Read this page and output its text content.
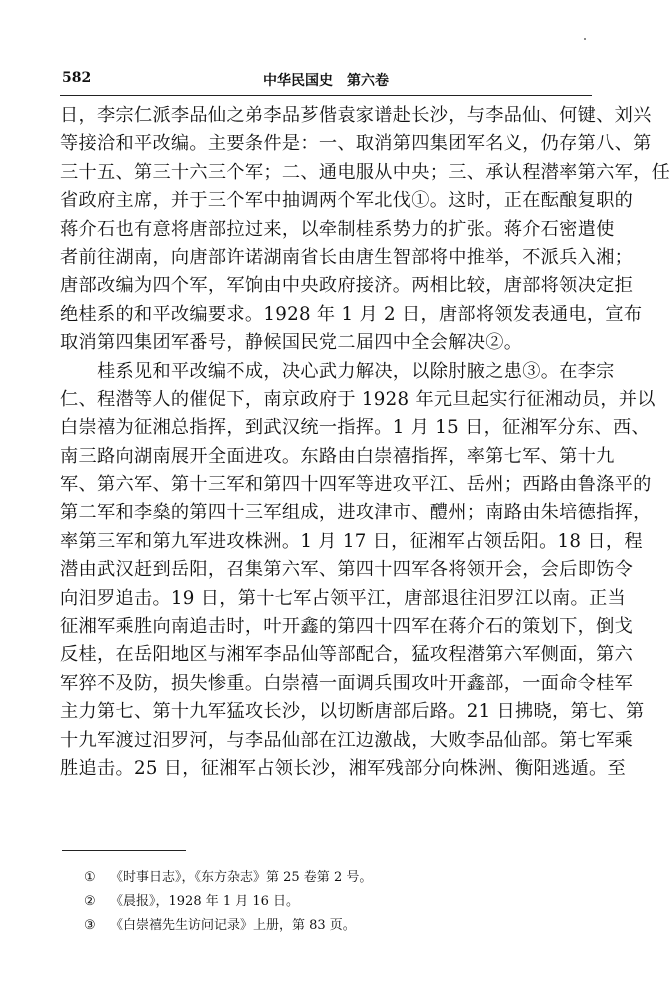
582	中华民国史　第六卷
日，李宗仁派李品仙之弟李品芗偕袁家谱赴长沙，与李品仙、何键、刘兴
等接洽和平改编。主要条件是：一、取消第四集团军名义，仍存第八、第
三十五、第三十六三个军；二、通电服从中央；三、承认程潜率第六军，任
省政府主席，并于三个军中抽调两个军北伐①。这时，正在酝酿复职的
蒋介石也有意将唐部拉过来，以牵制桂系势力的扩张。蒋介石密遣使
者前往湖南，向唐部许诺湖南省长由唐生智部将中推举，不派兵入湘；
唐部改编为四个军，军饷由中央政府接济。两相比较，唐部将领决定拒
绝桂系的和平改编要求。1928 年 1 月 2 日，唐部将领发表通电，宣布
取消第四集团军番号，静候国民党二届四中全会解决②。
桂系见和平改编不成，决心武力解决，以除肘腋之患③。在李宗
仁、程潜等人的催促下，南京政府于 1928 年元旦起实行征湘动员，并以
白崇禧为征湘总指挥，到武汉统一指挥。1 月 15 日，征湘军分东、西、
南三路向湖南展开全面进攻。东路由白崇禧指挥，率第七军、第十九
军、第六军、第十三军和第四十四军等进攻平江、岳州；西路由鲁涤平的
第二军和李燊的第四十三军组成，进攻津市、醴州；南路由朱培德指挥，
率第三军和第九军进攻株洲。1 月 17 日，征湘军占领岳阳。18 日，程
潜由武汉赶到岳阳，召集第六军、第四十四军各将领开会，会后即饬令
向汨罗追击。19 日，第十七军占领平江，唐部退往汨罗江以南。正当
征湘军乘胜向南追击时，叶开鑫的第四十四军在蒋介石的策划下，倒戈
反桂，在岳阳地区与湘军李品仙等部配合，猛攻程潜第六军侧面，第六
军猝不及防，损失惨重。白崇禧一面调兵围攻叶开鑫部，一面命令桂军
主力第七、第十九军猛攻长沙，以切断唐部后路。21 日拂晓，第七、第
十九军渡过汨罗河，与李品仙部在江边激战，大败李品仙部。第七军乘
胜追击。25 日，征湘军占领长沙，湘军残部分向株洲、衡阳逃遁。至
① 《时事日志》，《东方杂志》第 25 卷第 2 号。
② 《晨报》，1928 年 1 月 16 日。
③ 《白崇禧先生访问记录》上册，第 83 页。
